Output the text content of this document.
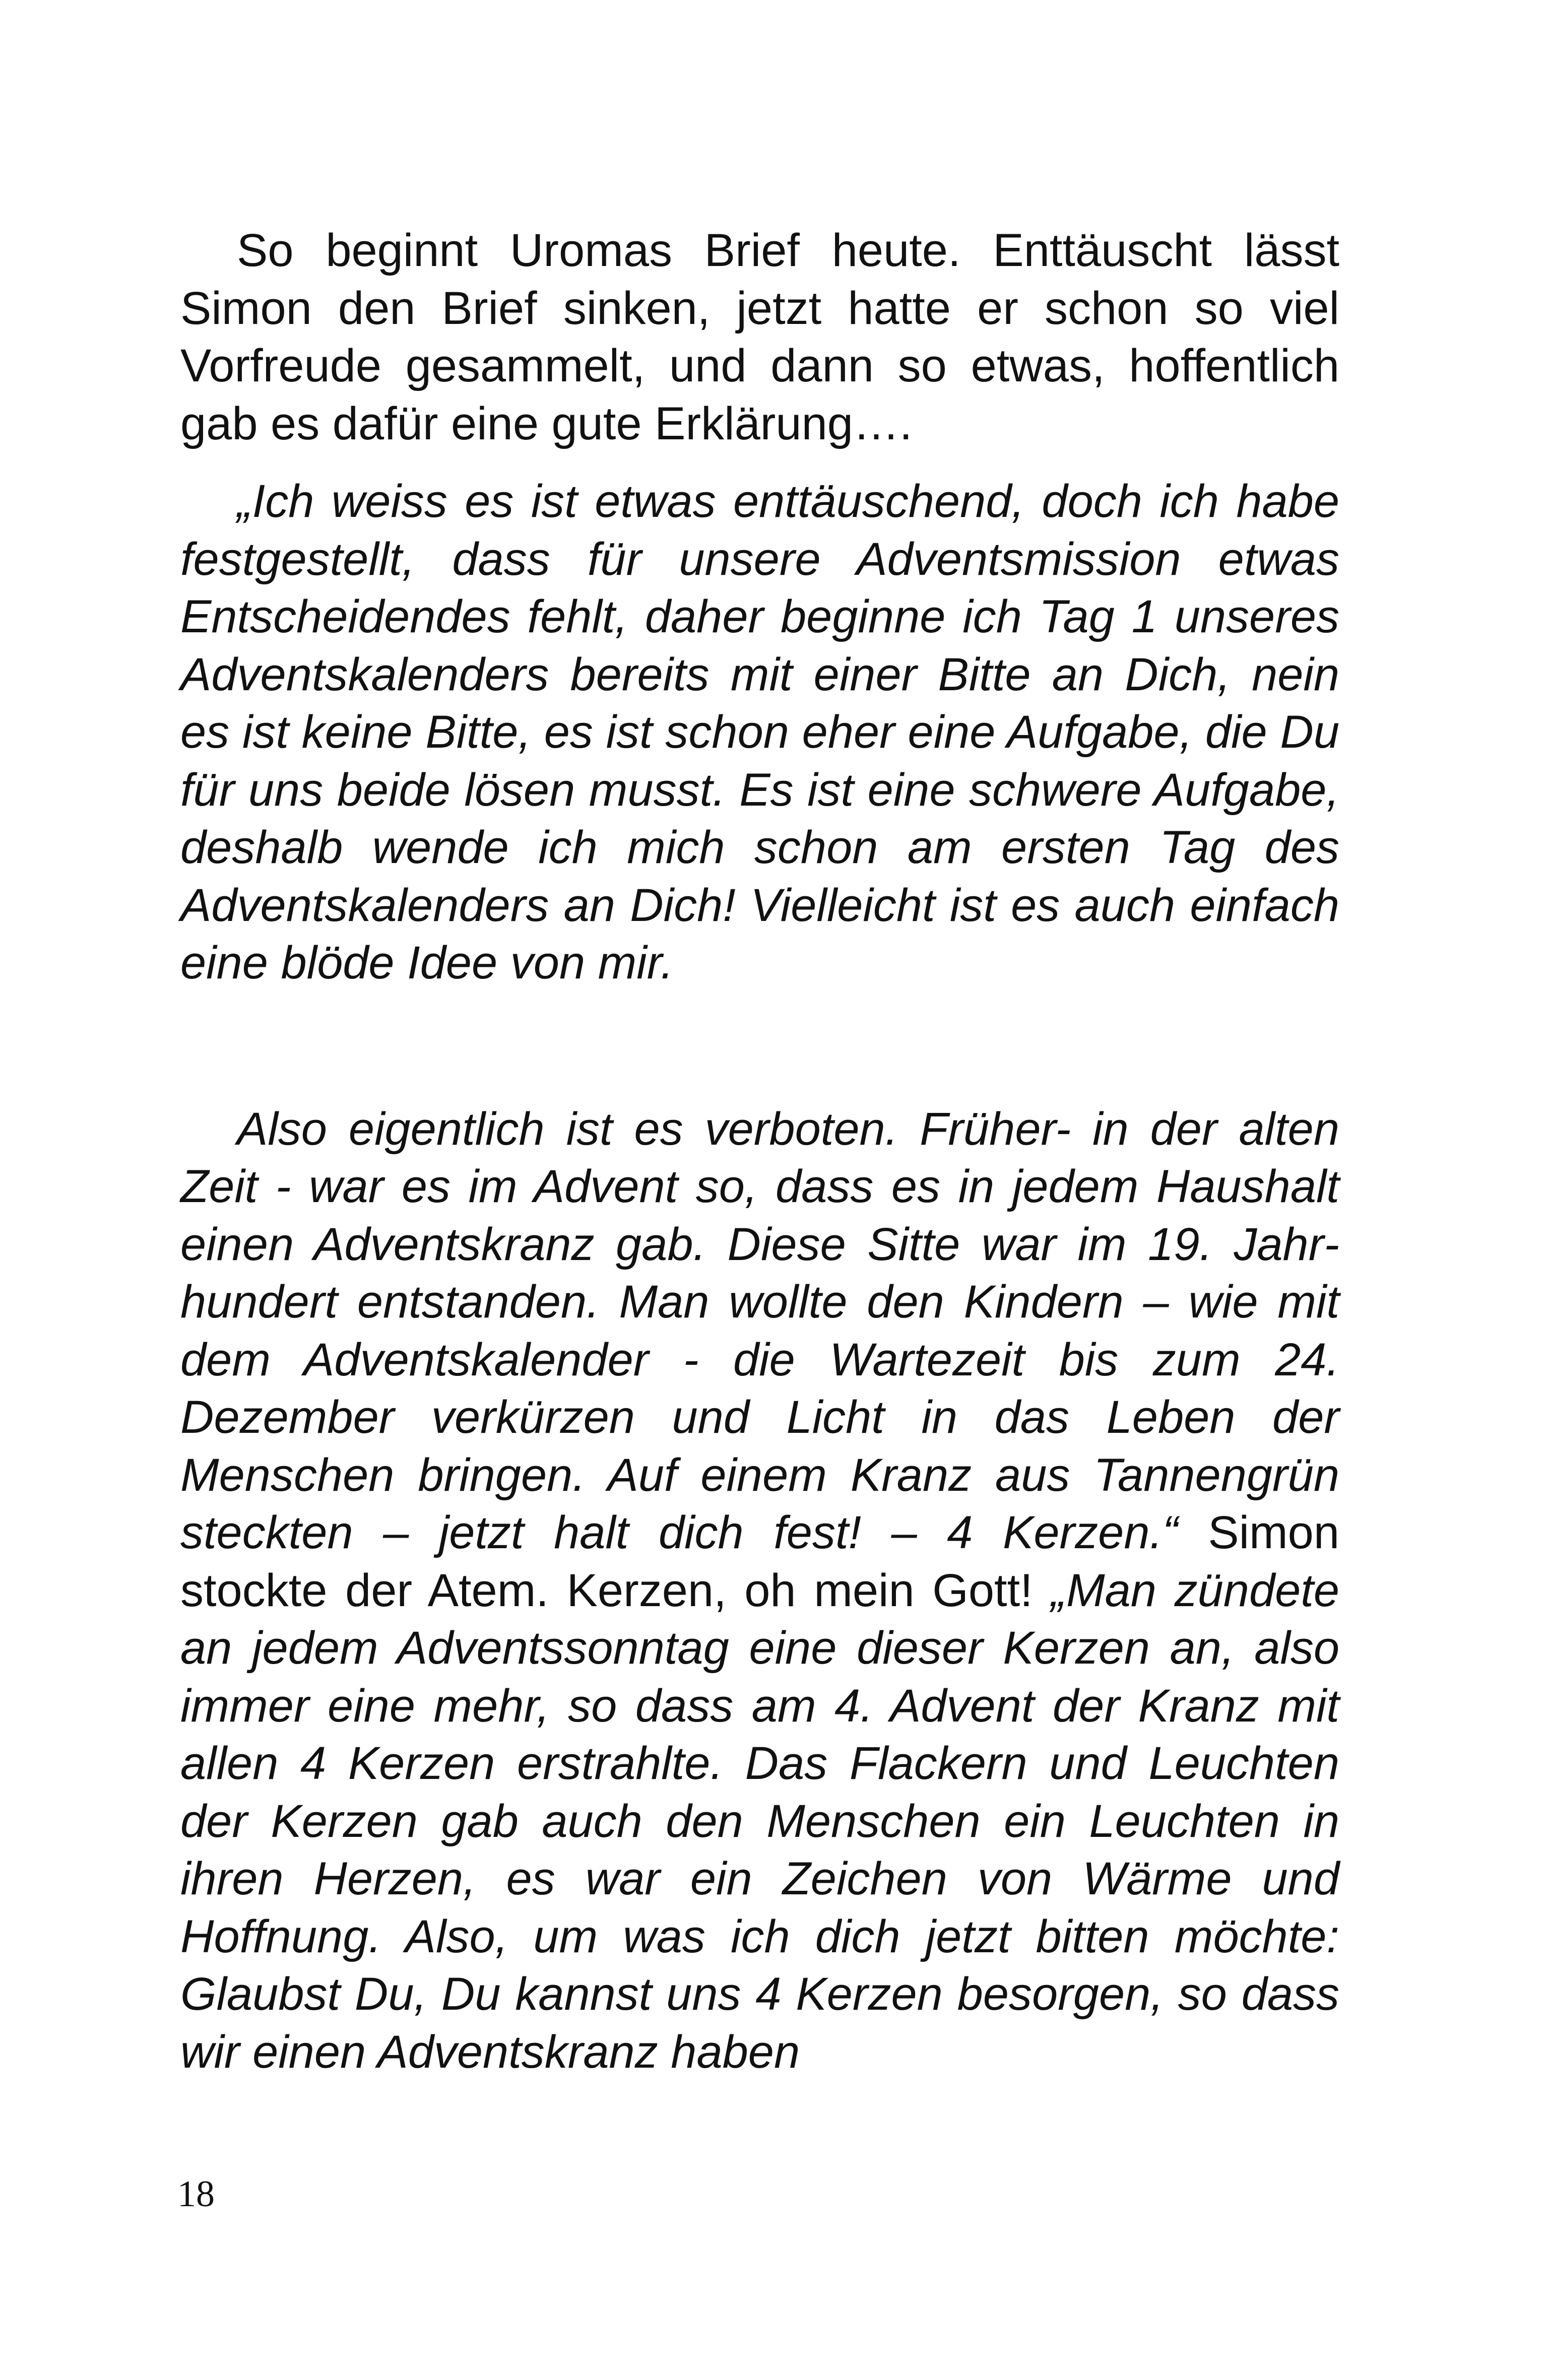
So beginnt Uromas Brief heute. Enttäuscht lässt Simon den Brief sinken, jetzt hatte er schon so viel Vorfreude gesammelt, und dann so etwas, hoffentlich gab es dafür eine gute Erklärung….

„Ich weiss es ist etwas enttäuschend, doch ich habe festgestellt, dass für unsere Adventsmission etwas Entscheidendes fehlt, daher beginne ich Tag 1 unseres Adventskalenders bereits mit einer Bitte an Dich, nein es ist keine Bitte, es ist schon eher eine Aufgabe, die Du für uns beide lösen musst. Es ist eine schwere Aufgabe, deshalb wende ich mich schon am ersten Tag des Adventskalenders an Dich! Vielleicht ist es auch einfach eine blöde Idee von mir.

Also eigentlich ist es verboten. Früher- in der alten Zeit - war es im Advent so, dass es in jedem Haushalt einen Adventskranz gab. Diese Sitte war im 19. Jahrhundert entstanden. Man wollte den Kindern – wie mit dem Adventskalender - die Wartezeit bis zum 24. Dezember verkürzen und Licht in das Leben der Menschen bringen. Auf einem Kranz aus Tannengrün steckten – jetzt halt dich fest! – 4 Kerzen.“ Simon stockte der Atem. Kerzen, oh mein Gott! „Man zündete an jedem Adventssonntag eine dieser Kerzen an, also immer eine mehr, so dass am 4. Advent der Kranz mit allen 4 Kerzen erstrahlte. Das Flackern und Leuchten der Kerzen gab auch den Menschen ein Leuchten in ihren Herzen, es war ein Zeichen von Wärme und Hoffnung. Also, um was ich dich jetzt bitten möchte: Glaubst Du, Du kannst uns 4 Kerzen besorgen, so dass wir einen Adventskranz haben

18
